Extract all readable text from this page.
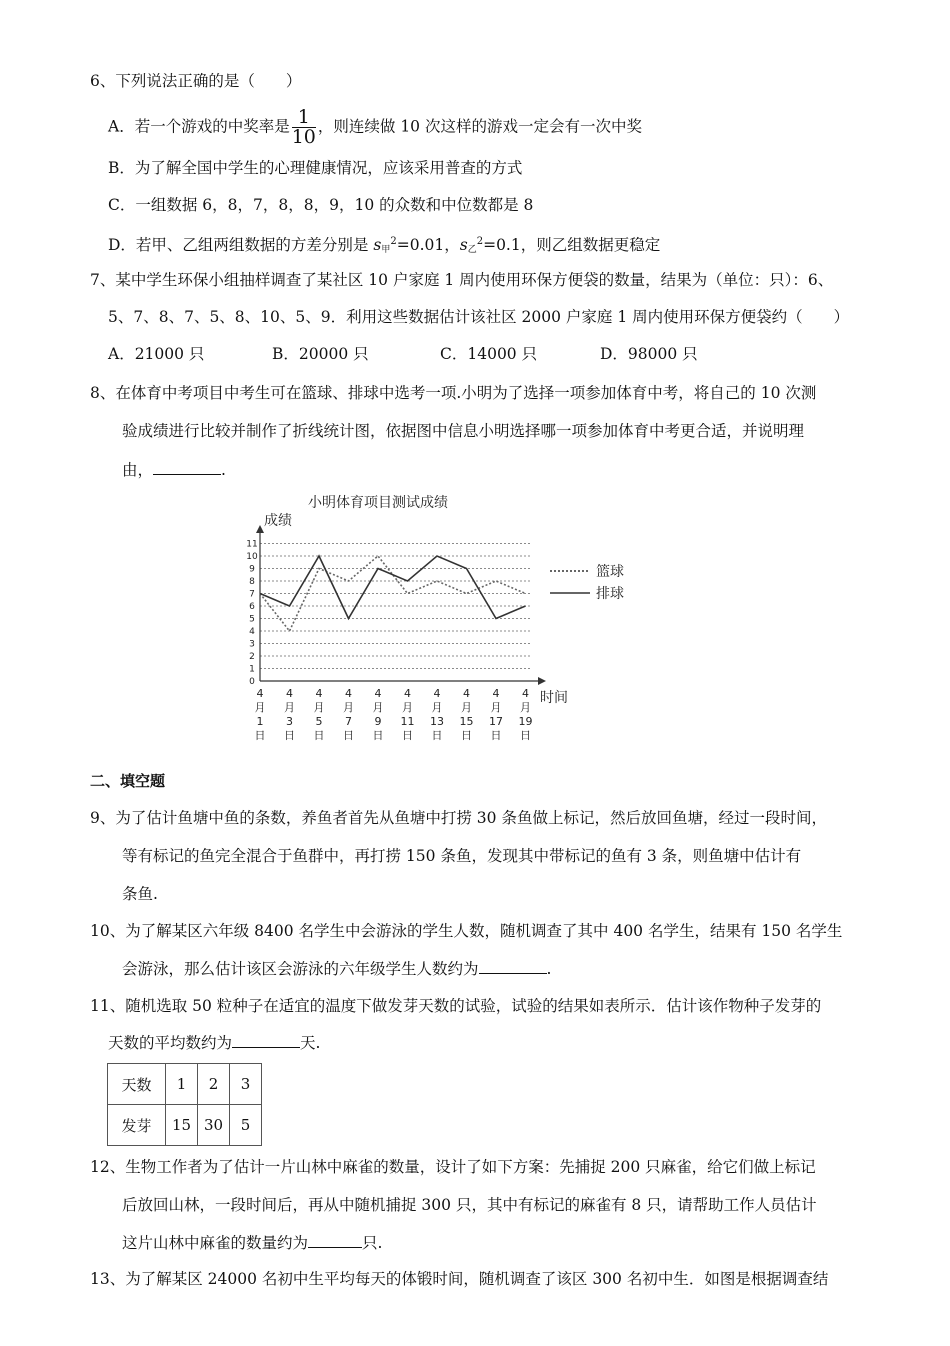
6、下列说法正确的是（　　）
A．若一个游戏的中奖率是 $\frac{1}{10}$ ，则连续做 10 次这样的游戏一定会有一次中奖
B．为了解全国中学生的心理健康情况，应该采用普查的方式
C．一组数据 6，8，7，8，8，9，10 的众数和中位数都是 8
D．若甲、乙组两组数据的方差分别是 $s_甲^2=0.01$，$s_乙^2=0.1$，则乙组数据更稳定
7、某中学生环保小组抽样调查了某社区 10 户家庭 1 周内使用环保方便袋的数量，结果为（单位：只）：6、
5、7、8、7、5、8、10、5、9．利用这些数据估计该社区 2000 户家庭 1 周内使用环保方便袋约（　　）
A．21000 只	B．20000 只	C．14000 只	D．98000 只
8、在体育中考项目中考生可在篮球、排球中选考一项.小明为了选择一项参加体育中考，将自己的 10 次测
验成绩进行比较并制作了折线统计图，依据图中信息小明选择哪一项参加体育中考更合适，并说明理
由，	.
小明体育项目测试成绩
成绩
时间
0
1
2
3
4
5
6
7
8
9
10
11
4 月 1 日
4 月 3 日
4 月 5 日
4 月 7 日
4 月 9 日
4 月 11 日
4 月 13 日
4 月 15 日
4 月 17 日
4 月 19 日
篮球
排球
二、填空题
9、为了估计鱼塘中鱼的条数，养鱼者首先从鱼塘中打捞 30 条鱼做上标记，然后放回鱼塘，经过一段时间，
等有标记的鱼完全混合于鱼群中，再打捞 150 条鱼，发现其中带标记的鱼有 3 条，则鱼塘中估计有
条鱼.
10、为了解某区六年级 8400 名学生中会游泳的学生人数，随机调查了其中 400 名学生，结果有 150 名学生
会游泳，那么估计该区会游泳的六年级学生人数约为	.
11、随机选取 50 粒种子在适宜的温度下做发芽天数的试验，试验的结果如表所示．估计该作物种子发芽的
天数的平均数约为	天.
天数	1	2	3
发芽	15	30	5
12、生物工作者为了估计一片山林中麻雀的数量，设计了如下方案：先捕捉 200 只麻雀，给它们做上标记
后放回山林，一段时间后，再从中随机捕捉 300 只，其中有标记的麻雀有 8 只，请帮助工作人员估计
这片山林中麻雀的数量约为	只.
13、为了解某区 24000 名初中生平均每天的体锻时间，随机调查了该区 300 名初中生．如图是根据调查结
